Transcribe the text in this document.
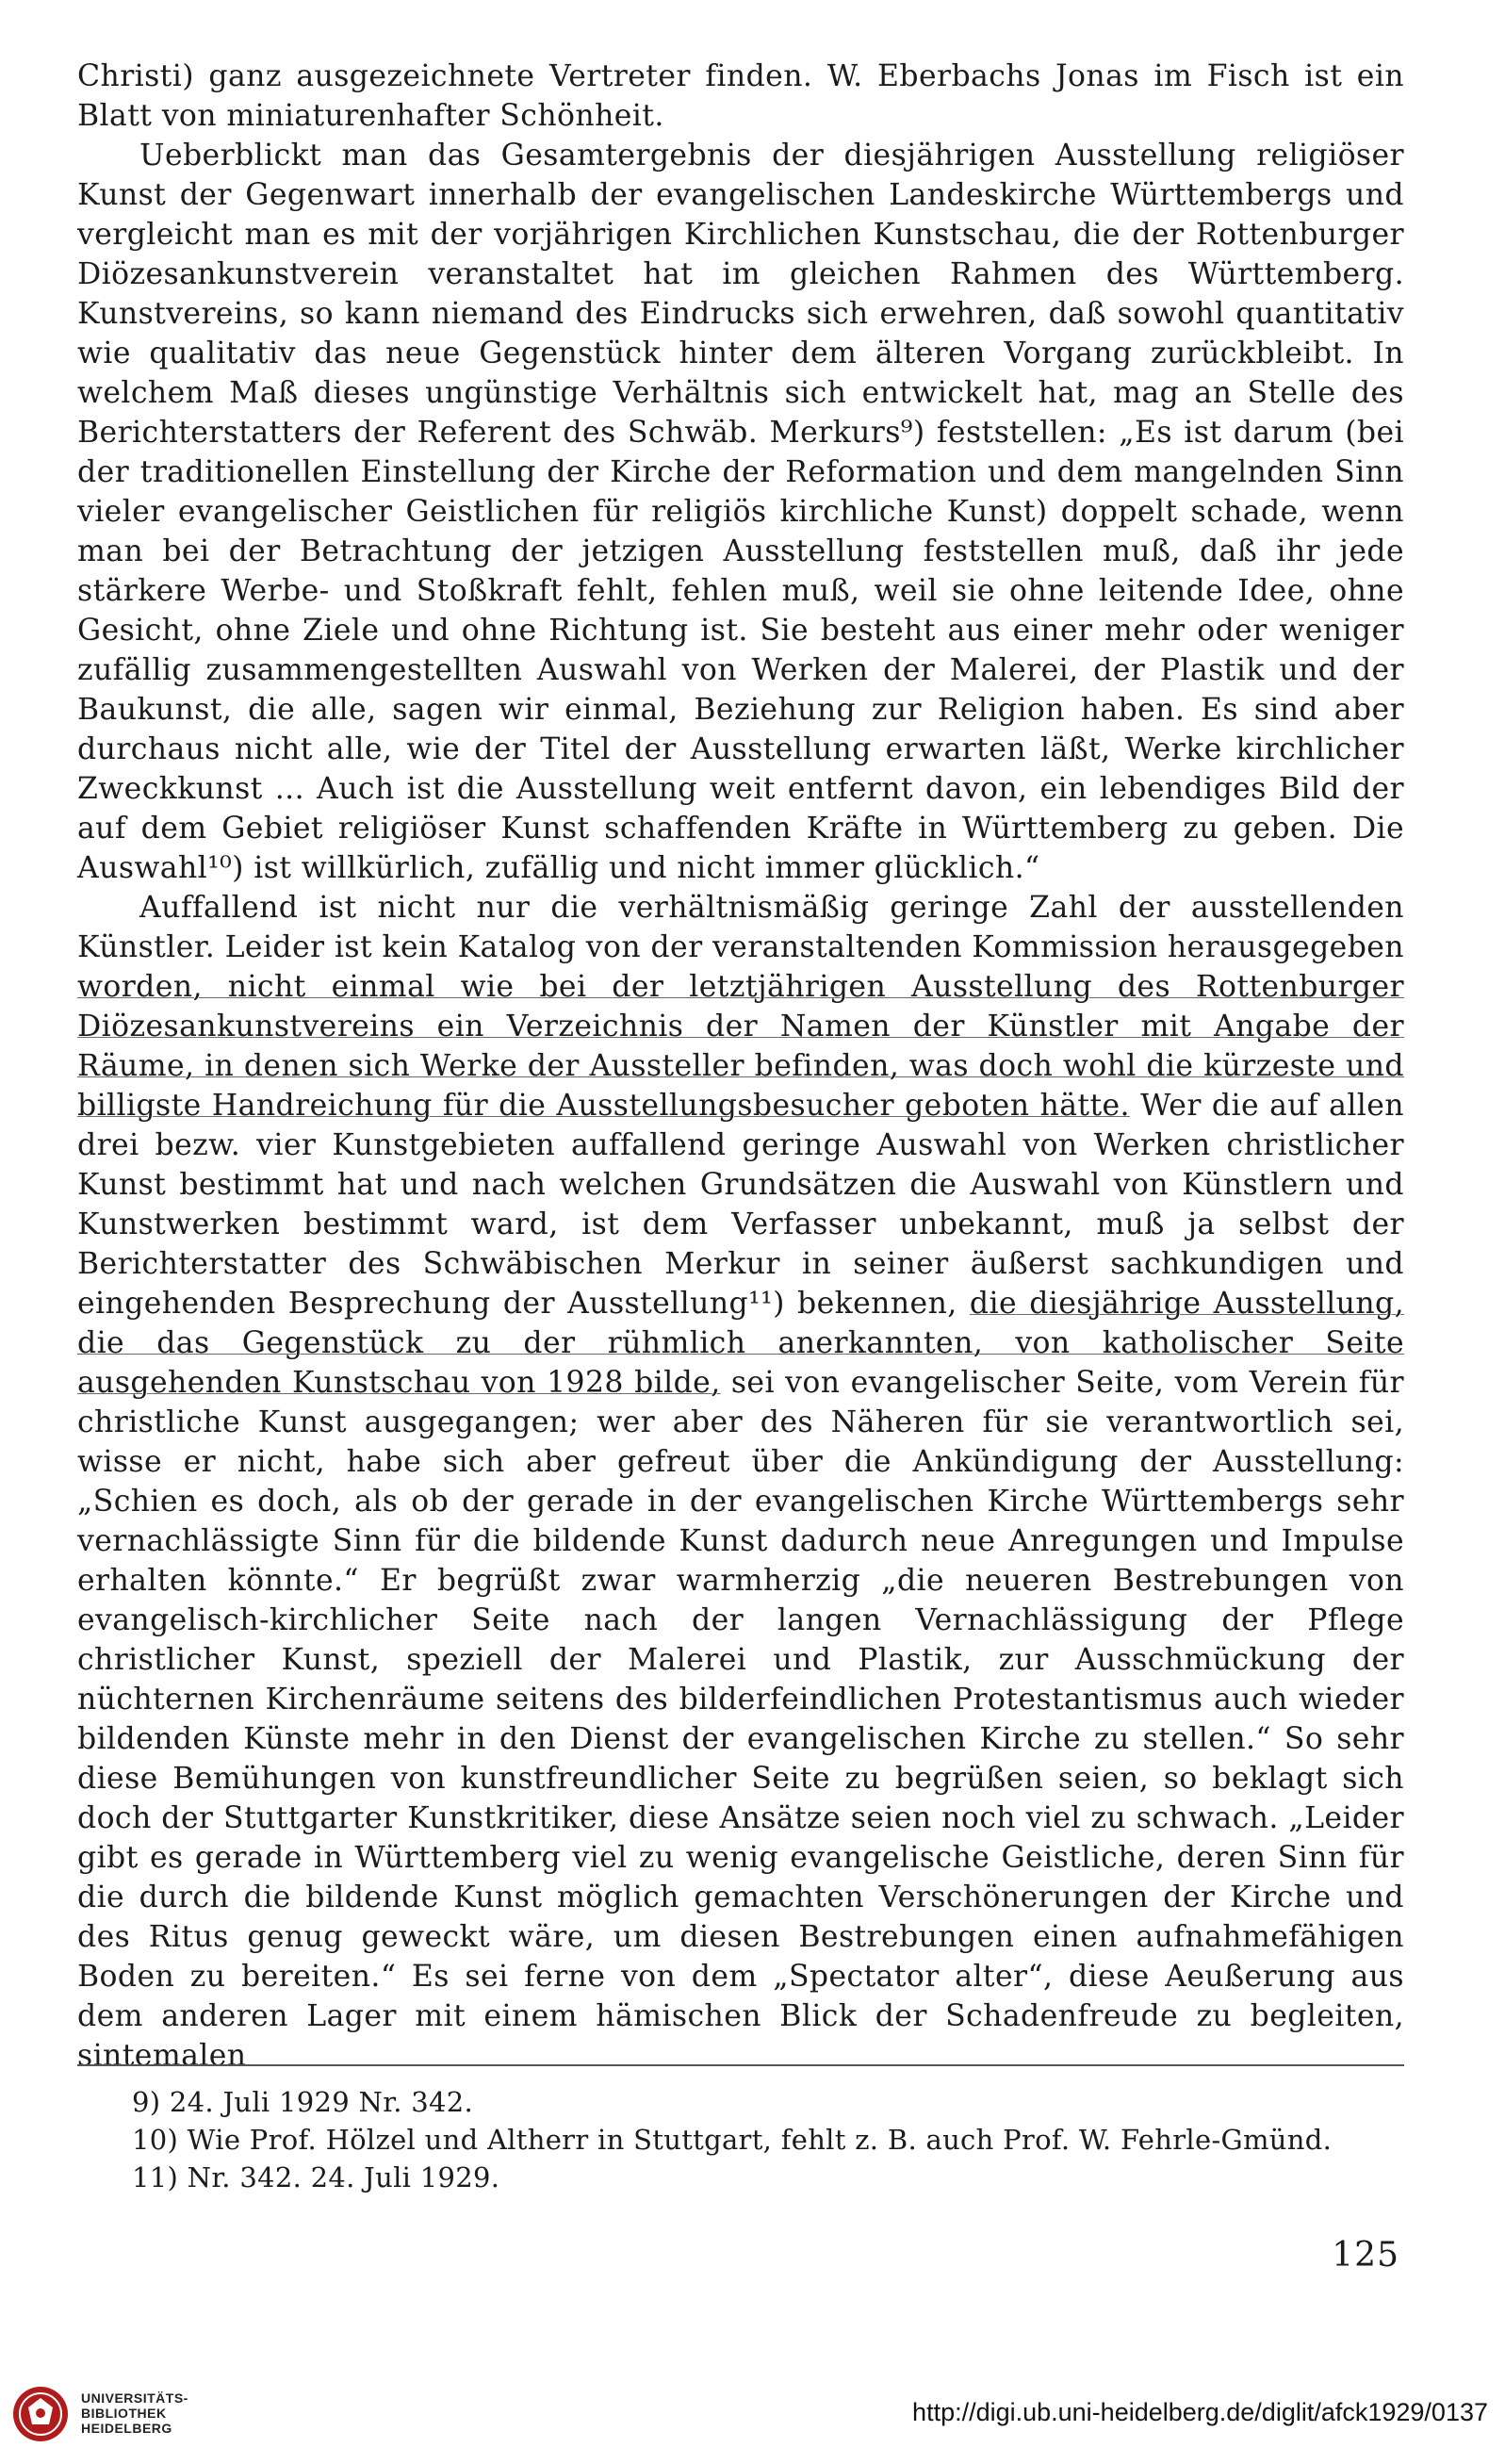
Christi) ganz ausgezeichnete Vertreter finden. W. Eberbachs Jonas im Fisch ist ein Blatt von miniaturenhafter Schönheit.

Ueberblickt man das Gesamtergebnis der diesjährigen Ausstellung religiöser Kunst der Gegenwart innerhalb der evangelischen Landeskirche Württembergs und vergleicht man es mit der vorjährigen Kirchlichen Kunstschau, die der Rottenburger Diözesankunstverein veranstaltet hat im gleichen Rahmen des Württemberg. Kunstvereins, so kann niemand des Eindrucks sich erwehren, daß sowohl quantitativ wie qualitativ das neue Gegenstück hinter dem älteren Vorgang zurückbleibt. In welchem Maß dieses ungünstige Verhältnis sich entwickelt hat, mag an Stelle des Berichterstatters der Referent des Schwäb. Merkurs⁹) feststellen: „Es ist darum (bei der traditionellen Einstellung der Kirche der Reformation und dem mangelnden Sinn vieler evangelischer Geistlichen für religiös kirchliche Kunst) doppelt schade, wenn man bei der Betrachtung der jetzigen Ausstellung feststellen muß, daß ihr jede stärkere Werbe- und Stoßkraft fehlt, fehlen muß, weil sie ohne leitende Idee, ohne Gesicht, ohne Ziele und ohne Richtung ist. Sie besteht aus einer mehr oder weniger zufällig zusammengestellten Auswahl von Werken der Malerei, der Plastik und der Baukunst, die alle, sagen wir einmal, Beziehung zur Religion haben. Es sind aber durchaus nicht alle, wie der Titel der Ausstellung erwarten läßt, Werke kirchlicher Zweckkunst ... Auch ist die Ausstellung weit entfernt davon, ein lebendiges Bild der auf dem Gebiet religiöser Kunst schaffenden Kräfte in Württemberg zu geben. Die Auswahl¹⁰) ist willkürlich, zufällig und nicht immer glücklich.“

Auffallend ist nicht nur die verhältnismäßig geringe Zahl der ausstellenden Künstler. Leider ist kein Katalog von der veranstaltenden Kommission herausgegeben worden, nicht einmal wie bei der letztjährigen Ausstellung des Rottenburger Diözesankunstvereins ein Verzeichnis der Namen der Künstler mit Angabe der Räume, in denen sich Werke der Aussteller befinden, was doch wohl die kürzeste und billigste Handreichung für die Ausstellungsbesucher geboten hätte. Wer die auf allen drei bezw. vier Kunstgebieten auffallend geringe Auswahl von Werken christlicher Kunst bestimmt hat und nach welchen Grundsätzen die Auswahl von Künstlern und Kunstwerken bestimmt ward, ist dem Verfasser unbekannt, muß ja selbst der Berichterstatter des Schwäbischen Merkur in seiner äußerst sachkundigen und eingehenden Besprechung der Ausstellung¹¹) bekennen, die diesjährige Ausstellung, die das Gegenstück zu der rühmlich anerkannten, von katholischer Seite ausgehenden Kunstschau von 1928 bilde, sei von evangelischer Seite, vom Verein für christliche Kunst ausgegangen; wer aber des Näheren für sie verantwortlich sei, wisse er nicht, habe sich aber gefreut über die Ankündigung der Ausstellung: „Schien es doch, als ob der gerade in der evangelischen Kirche Württembergs sehr vernachlässigte Sinn für die bildende Kunst dadurch neue Anregungen und Impulse erhalten könnte.“ Er begrüßt zwar warmherzig „die neueren Bestrebungen von evangelisch-kirchlicher Seite nach der langen Vernachlässigung der Pflege christlicher Kunst, speziell der Malerei und Plastik, zur Ausschmückung der nüchternen Kirchenräume seitens des bilderfeindlichen Protestantismus auch wieder bildenden Künste mehr in den Dienst der evangelischen Kirche zu stellen.“ So sehr diese Bemühungen von kunstfreundlicher Seite zu begrüßen seien, so beklagt sich doch der Stuttgarter Kunstkritiker, diese Ansätze seien noch viel zu schwach. „Leider gibt es gerade in Württemberg viel zu wenig evangelische Geistliche, deren Sinn für die durch die bildende Kunst möglich gemachten Verschönerungen der Kirche und des Ritus genug geweckt wäre, um diesen Bestrebungen einen aufnahmefähigen Boden zu bereiten.“ Es sei ferne von dem „Spectator alter“, diese Aeußerung aus dem anderen Lager mit einem hämischen Blick der Schadenfreude zu begleiten, sintemalen

9) 24. Juli 1929 Nr. 342.
10) Wie Prof. Hölzel und Altherr in Stuttgart, fehlt z. B. auch Prof. W. Fehrle-Gmünd.
11) Nr. 342. 24. Juli 1929.
125
UNIVERSITÄTS-
BIBLIOTHEK
HEIDELBERG
http://digi.ub.uni-heidelberg.de/diglit/afck1929/0137
